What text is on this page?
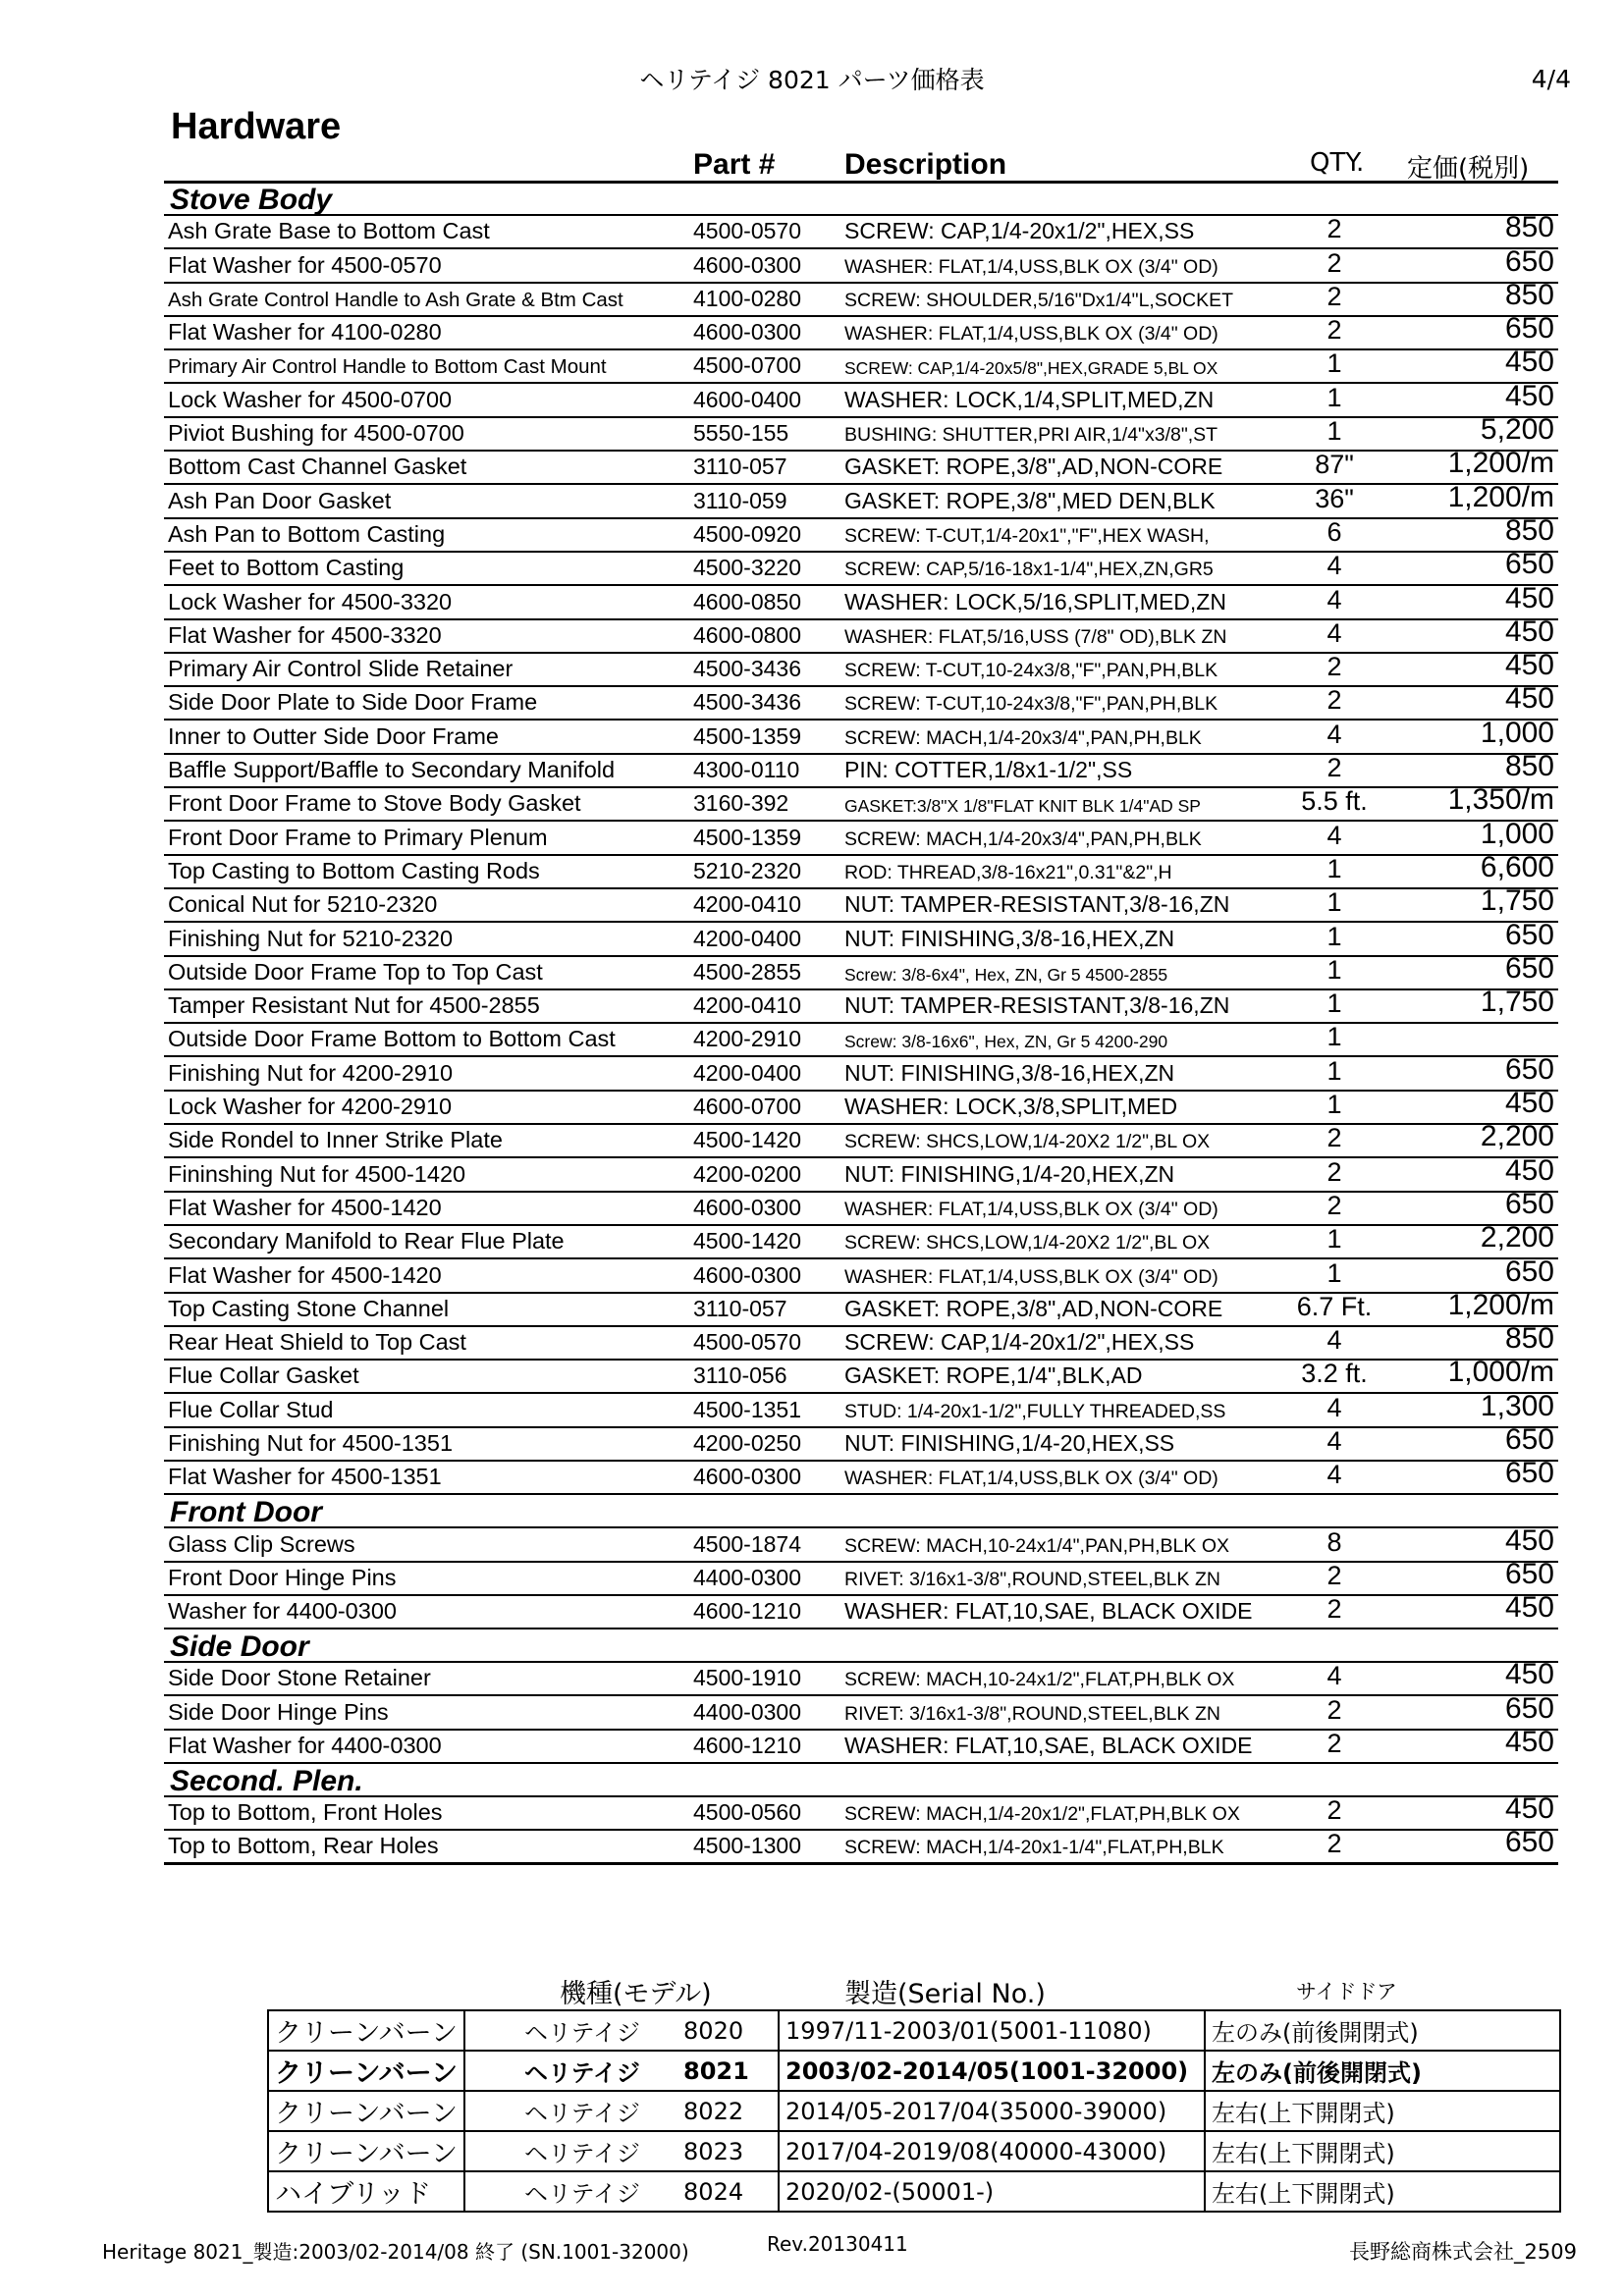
ヘリテイジ 8021 パーツ価格表	4/4
Hardware
Part # Description	QTY. 定価(税別)
Stove Body
Ash Grate Base to Bottom Cast	4500-0570 SCREW: CAP,1/4-20x1/2",HEX,SS	2	850
Flat Washer for 4500-0570	4600-0300 WASHER: FLAT,1/4,USS,BLK OX (3/4" OD)	2	650
Ash Grate Control Handle to Ash Grate & Btm Cast	4100-0280 SCREW: SHOULDER,5/16"Dx1/4"L,SOCKET	2	850
Flat Washer for 4100-0280	4600-0300 WASHER: FLAT,1/4,USS,BLK OX (3/4" OD)	2	650
Primary Air Control Handle to Bottom Cast Mount	4500-0700	SCREW: CAP,1/4-20x5/8",HEX,GRADE 5,BL OX	1	450
Lock Washer for 4500-0700	4600-0400 WASHER: LOCK,1/4,SPLIT,MED,ZN	1	450
Piviot Bushing for 4500-0700	5550-155	BUSHING: SHUTTER,PRI AIR,1/4"x3/8",ST	1	5,200
Bottom Cast Channel Gasket	3110-057	GASKET: ROPE,3/8",AD,NON-CORE	87"	1,200/m
Ash Pan Door Gasket	3110-059	GASKET: ROPE,3/8",MED DEN,BLK	36"	1,200/m
Ash Pan to Bottom Casting	4500-0920 SCREW: T-CUT,1/4-20x1","F",HEX WASH,	6	850
Feet to Bottom Casting	4500-3220 SCREW: CAP,5/16-18x1-1/4",HEX,ZN,GR5	4	650
Lock Washer for 4500-3320	4600-0850 WASHER: LOCK,5/16,SPLIT,MED,ZN	4	450
Flat Washer for 4500-3320	4600-0800 WASHER: FLAT,5/16,USS (7/8" OD),BLK ZN	4	450
Primary Air Control Slide Retainer	4500-3436 SCREW: T-CUT,10-24x3/8,"F",PAN,PH,BLK	2	450
Side Door Plate to Side Door Frame	4500-3436 SCREW: T-CUT,10-24x3/8,"F",PAN,PH,BLK	2	450
Inner to Outter Side Door Frame	4500-1359 SCREW: MACH,1/4-20x3/4",PAN,PH,BLK	4	1,000
Baffle Support/Baffle to Secondary Manifold	4300-0110 PIN: COTTER,1/8x1-1/2",SS	2	850
Front Door Frame to Stove Body Gasket	3160-392	GASKET:3/8"X 1/8"FLAT KNIT BLK 1/4"AD SP	5.5 ft.	1,350/m
Front Door Frame to Primary Plenum	4500-1359 SCREW: MACH,1/4-20x3/4",PAN,PH,BLK	4	1,000
Top Casting to Bottom Casting Rods	5210-2320 ROD: THREAD,3/8-16x21",0.31"&2",H	1	6,600
Conical Nut for 5210-2320	4200-0410 NUT: TAMPER-RESISTANT,3/8-16,ZN	1	1,750
Finishing Nut for 5210-2320	4200-0400 NUT: FINISHING,3/8-16,HEX,ZN	1	650
Outside Door Frame Top to Top Cast	4500-2855	Screw: 3/8-6x4", Hex, ZN, Gr 5 4500-2855	1	650
Tamper Resistant Nut for 4500-2855	4200-0410 NUT: TAMPER-RESISTANT,3/8-16,ZN	1	1,750
Outside Door Frame Bottom to Bottom Cast	4200-2910	Screw: 3/8-16x6", Hex, ZN, Gr 5 4200-290	1
Finishing Nut for 4200-2910	4200-0400 NUT: FINISHING,3/8-16,HEX,ZN	1	650
Lock Washer for 4200-2910	4600-0700 WASHER: LOCK,3/8,SPLIT,MED	1	450
Side Rondel to Inner Strike Plate	4500-1420 SCREW: SHCS,LOW,1/4-20X2 1/2",BL OX	2	2,200
Fininshing Nut for 4500-1420	4200-0200 NUT: FINISHING,1/4-20,HEX,ZN	2	450
Flat Washer for 4500-1420	4600-0300 WASHER: FLAT,1/4,USS,BLK OX (3/4" OD)	2	650
Secondary Manifold to Rear Flue Plate	4500-1420 SCREW: SHCS,LOW,1/4-20X2 1/2",BL OX	1	2,200
Flat Washer for 4500-1420	4600-0300 WASHER: FLAT,1/4,USS,BLK OX (3/4" OD)	1	650
Top Casting Stone Channel	3110-057	GASKET: ROPE,3/8",AD,NON-CORE	6.7 Ft.	1,200/m
Rear Heat Shield to Top Cast	4500-0570 SCREW: CAP,1/4-20x1/2",HEX,SS	4	850
Flue Collar Gasket	3110-056	GASKET: ROPE,1/4",BLK,AD	3.2 ft.	1,000/m
Flue Collar Stud	4500-1351 STUD: 1/4-20x1-1/2",FULLY THREADED,SS	4	1,300
Finishing Nut for 4500-1351	4200-0250 NUT: FINISHING,1/4-20,HEX,SS	4	650
Flat Washer for 4500-1351	4600-0300 WASHER: FLAT,1/4,USS,BLK OX (3/4" OD)	4	650
Front Door
Glass Clip Screws	4500-1874 SCREW: MACH,10-24x1/4",PAN,PH,BLK OX	8	450
Front Door Hinge Pins	4400-0300 RIVET: 3/16x1-3/8",ROUND,STEEL,BLK ZN	2	650
Washer for 4400-0300	4600-1210 WASHER: FLAT,10,SAE, BLACK OXIDE	2	450
Side Door
Side Door Stone Retainer	4500-1910 SCREW: MACH,10-24x1/2",FLAT,PH,BLK OX	4	450
Side Door Hinge Pins	4400-0300 RIVET: 3/16x1-3/8",ROUND,STEEL,BLK ZN	2	650
Flat Washer for 4400-0300	4600-1210 WASHER: FLAT,10,SAE, BLACK OXIDE	2	450
Second. Plen.
Top to Bottom, Front Holes	4500-0560 SCREW: MACH,1/4-20x1/2",FLAT,PH,BLK OX	2	450
Top to Bottom, Rear Holes	4500-1300 SCREW: MACH,1/4-20x1-1/4",FLAT,PH,BLK	2	650
機種(モデル)	製造(Serial No.)	サイドドア
クリーンバーン	ヘリテイジ	8020	1997/11-2003/01(5001-11080)	左のみ(前後開閉式)
クリーンバーン	ヘリテイジ	8021	2003/02-2014/05(1001-32000)	左のみ(前後開閉式)
クリーンバーン	ヘリテイジ	8022	2014/05-2017/04(35000-39000)	左右(上下開閉式)
クリーンバーン	ヘリテイジ	8023	2017/04-2019/08(40000-43000)	左右(上下開閉式)
ハイブリッド	ヘリテイジ	8024	2020/02-(50001-)	左右(上下開閉式)
Heritage 8021_製造:2003/02-2014/08 終了 (SN.1001-32000)	Rev.20130411	長野総商株式会社_2509
